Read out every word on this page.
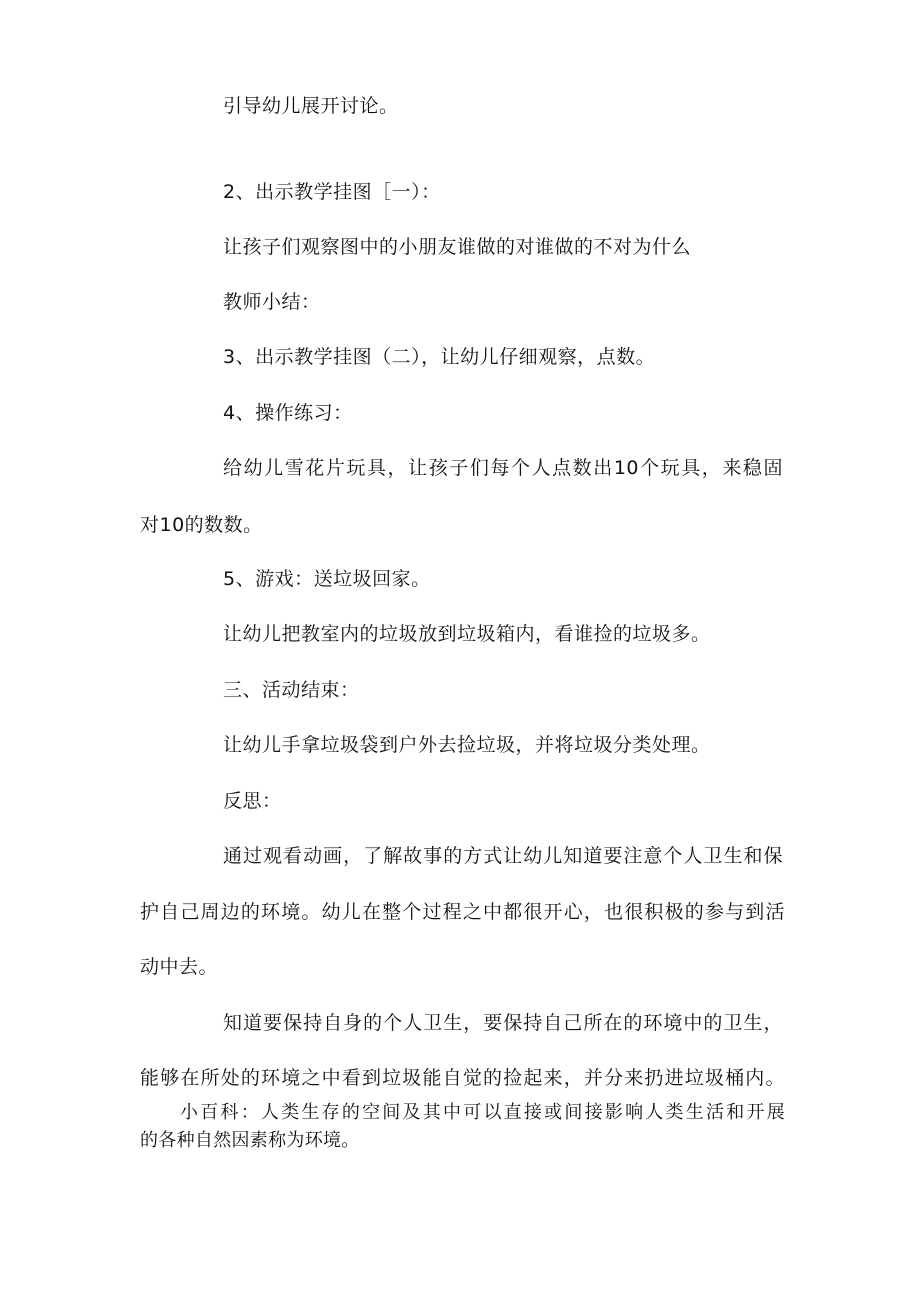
引导幼儿展开讨论。
2、出示教学挂图［一）：
让孩子们观察图中的小朋友谁做的对谁做的不对为什么
教师小结：
3、出示教学挂图（二），让幼儿仔细观察，点数。
4、操作练习：
给幼儿雪花片玩具，让孩子们每个人点数出10个玩具，来稳固
对10的数数。
5、游戏：送垃圾回家。
让幼儿把教室内的垃圾放到垃圾箱内，看谁捡的垃圾多。
三、活动结束：
让幼儿手拿垃圾袋到户外去捡垃圾，并将垃圾分类处理。
反思：
通过观看动画，了解故事的方式让幼儿知道要注意个人卫生和保
护自己周边的环境。幼儿在整个过程之中都很开心，也很积极的参与到活
动中去。
知道要保持自身的个人卫生，要保持自己所在的环境中的卫生，
能够在所处的环境之中看到垃圾能自觉的捡起来，并分来扔进垃圾桶内。
小百科：人类生存的空间及其中可以直接或间接影响人类生活和开展
的各种自然因素称为环境。
